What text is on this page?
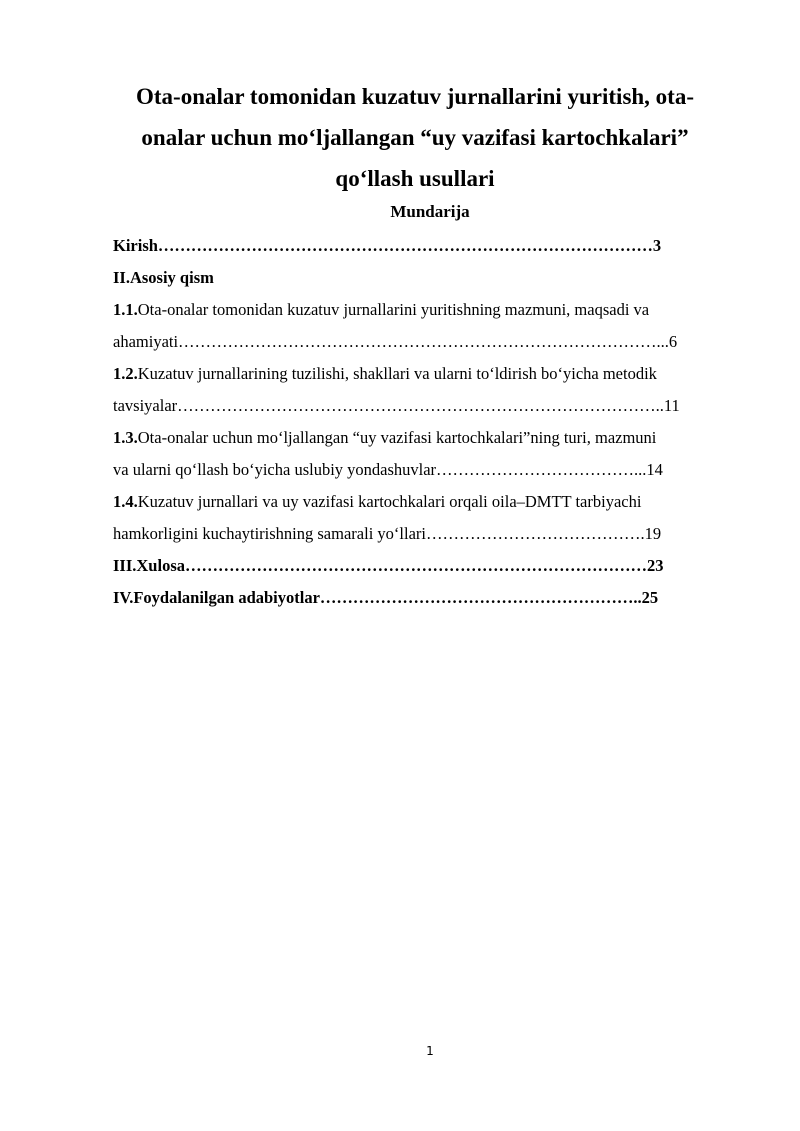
Ota-onalar tomonidan kuzatuv jurnallarini yuritish, ota-
onalar uchun mo‘ljallangan “uy vazifasi kartochkalari”
qo‘llash usullari
Mundarija
Kirish………………………………………………………………………………3
II.Asosiy qism
1.1.Ota-onalar tomonidan kuzatuv jurnallarini yuritishning mazmuni, maqsadi va
ahamiyati……………………………………………………………………………...6
1.2.Kuzatuv jurnallarining tuzilishi, shakllari va ularni to‘ldirish bo‘yicha metodik
tavsiyalar……………………………………………………………………………..11
1.3.Ota-onalar uchun mo‘ljallangan “uy vazifasi kartochkalari”ning turi, mazmuni
va ularni qo‘llash bo‘yicha uslubiy yondashuvlar………………………………...14
1.4.Kuzatuv jurnallari va uy vazifasi kartochkalari orqali oila–DMTT tarbiyachi
hamkorligini kuchaytirishning samarali yo‘llari………………………………….19
III.Xulosa…………………………………………………………………………23
IV.Foydalanilgan adabiyotlar…………………………………………………..25
1
